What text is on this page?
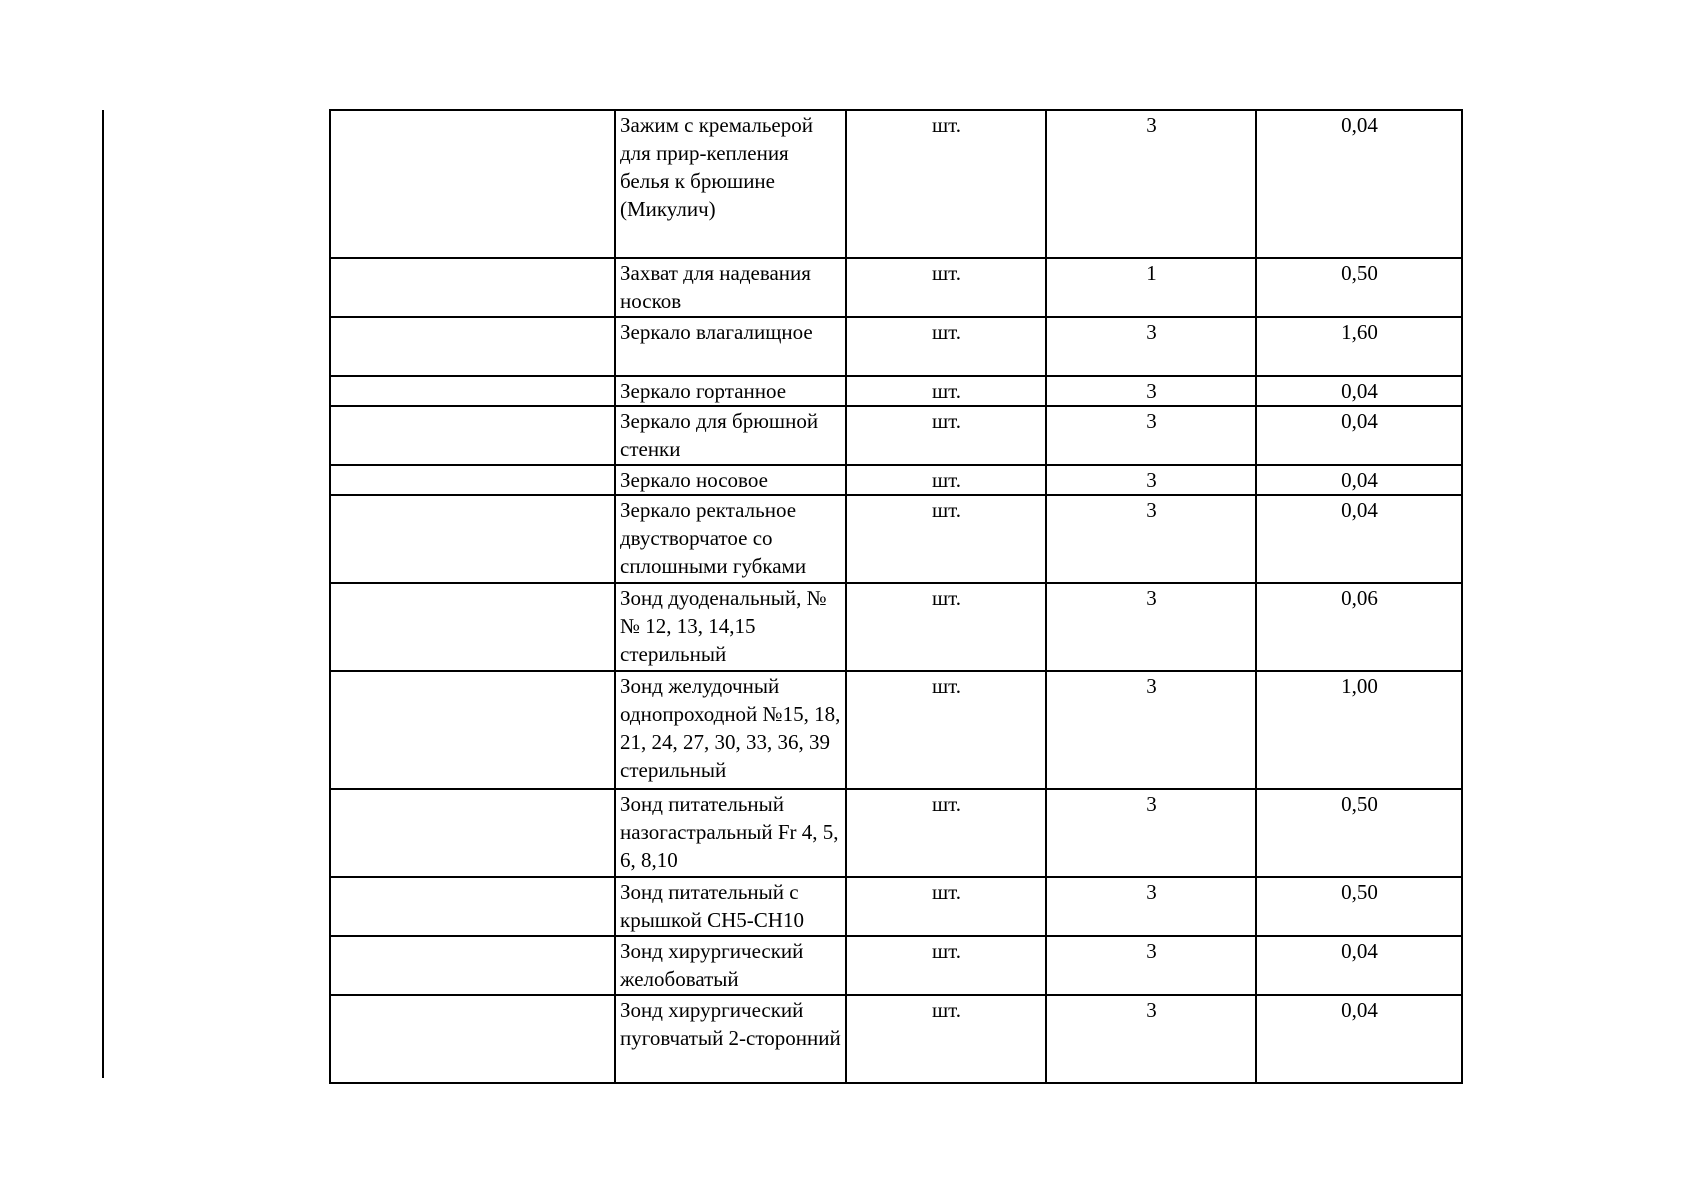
	Зажим с кремальерой для прир-кепления белья к брюшине (Микулич)	шт.	3	0,04
	Захват для надевания носков	шт.	1	0,50
	Зеркало влагалищное	шт.	3	1,60
	Зеркало гортанное	шт.	3	0,04
	Зеркало для брюшной стенки	шт.	3	0,04
	Зеркало носовое	шт.	3	0,04
	Зеркало ректальное двустворчатое со сплошными губками	шт.	3	0,04
	Зонд дуоденальный, №№ 12, 13, 14,15 стерильный	шт.	3	0,06
	Зонд желудочный однопроходной №15, 18, 21, 24, 27, 30, 33, 36, 39 стерильный	шт.	3	1,00
	Зонд питательный назогастральный Fr 4, 5, 6, 8,10	шт.	3	0,50
	Зонд питательный с крышкой CH5-CH10	шт.	3	0,50
	Зонд хирургический желобоватый	шт.	3	0,04
	Зонд хирургический пуговчатый 2-сторонний	шт.	3	0,04
